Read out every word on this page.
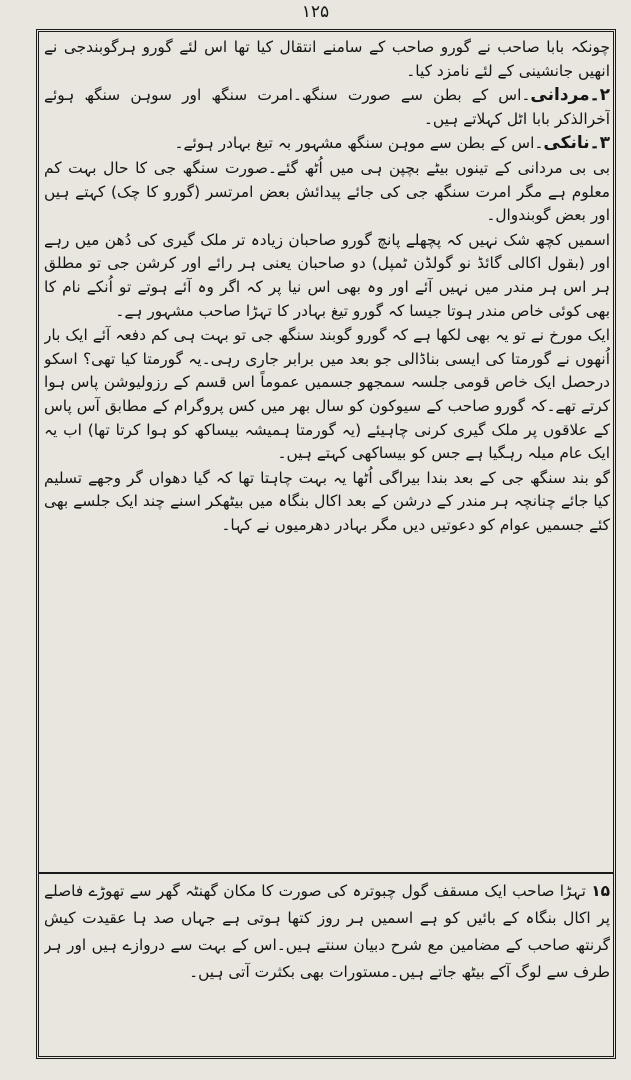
۱۲۵

چونکہ بابا صاحب نے گورو صاحب کے سامنے انتقال کیا تھا اس لئے گورو ہرگوبندجی نے انھیں جانشینی کے لئے نامزد کیا۔

۲۔مردانی۔اس کے بطن سے صورت سنگھ۔امرت سنگھ اور سوہن سنگھ ہوئے آخرالذکر بابا اٹل کہلاتے ہیں۔

۳۔نانکی۔اس کے بطن سے موہن سنگھ مشہور بہ تیغ بہادر ہوئے۔

بی بی مردانی کے تینوں بیٹے بچپن ہی میں اُٹھ گئے۔صورت سنگھ جی کا حال بہت کم معلوم ہے مگر امرت سنگھ جی کی جائے پیدائش بعض امرتسر (گورو کا چک) کہتے ہیں اور بعض گوبندوال۔

اسمیں کچھ شک نہیں کہ پچھلے پانچ گورو صاحبان زیادہ تر ملک گیری کی دُھن میں رہے اور (بقول اکالی گائڈ نو گولڈن ٹمپل) دو صاحبان یعنی ہر رائے اور کرشن جی تو مطلق ہر اس ہر مندر میں نہیں آئے اور وہ بھی اس نیا پر کہ اگر وہ آئے ہوتے تو اُنکے نام کا بھی کوئی خاص مندر ہوتا جیسا کہ گورو تیغ بہادر کا تہڑا صاحب مشہور ہے۔

ایک مورخ نے تو یہ بھی لکھا ہے کہ گورو گوبند سنگھ جی تو بہت ہی کم دفعہ آئے ایک بار اُنھوں نے گورمتا کی ایسی بناڈالی جو بعد میں برابر جاری رہی۔یہ گورمتا کیا تھی؟ اسکو درحصل ایک خاص قومی جلسہ سمجھو جسمیں عموماً اس قسم کے رزولیوشن پاس ہوا کرتے تھے۔کہ گورو صاحب کے سیوکون کو سال بھر میں کس پروگرام کے مطابق آس پاس کے علاقوں پر ملک گیری کرنی چاہیئے (یہ گورمتا ہمیشہ بیساکھ کو ہوا کرتا تھا) اب یہ ایک عام میلہ رہگیا ہے جس کو بیساکھی کہتے ہیں۔

گو بند سنگھ جی کے بعد بندا بیراگی اُٹھا یہ بہت چاہتا تھا کہ گیا دھواں گر وجھے تسلیم کیا جائے چنانچہ ہر مندر کے درشن کے بعد اکال بنگاہ میں بیٹھکر اسنے چند ایک جلسے بھی کئے جسمیں عوام کو دعوتیں دیں مگر بہادر دھرمیوں نے کہا۔

۱۵ تہڑا صاحب ایک مسقف گول چبوترہ کی صورت کا مکان گھنٹہ گھر سے تھوڑے فاصلے پر اکال بنگاہ کے بائیں کو ہے اسمیں ہر روز کتھا ہوتی ہے جہاں صد ہا عقیدت کیش گرنتھ صاحب کے مضامین مع شرح دبیان سنتے ہیں۔اس کے بہت سے دروازے ہیں اور ہر طرف سے لوگ آکے بیٹھ جاتے ہیں۔مستورات بھی بکثرت آتی ہیں۔
